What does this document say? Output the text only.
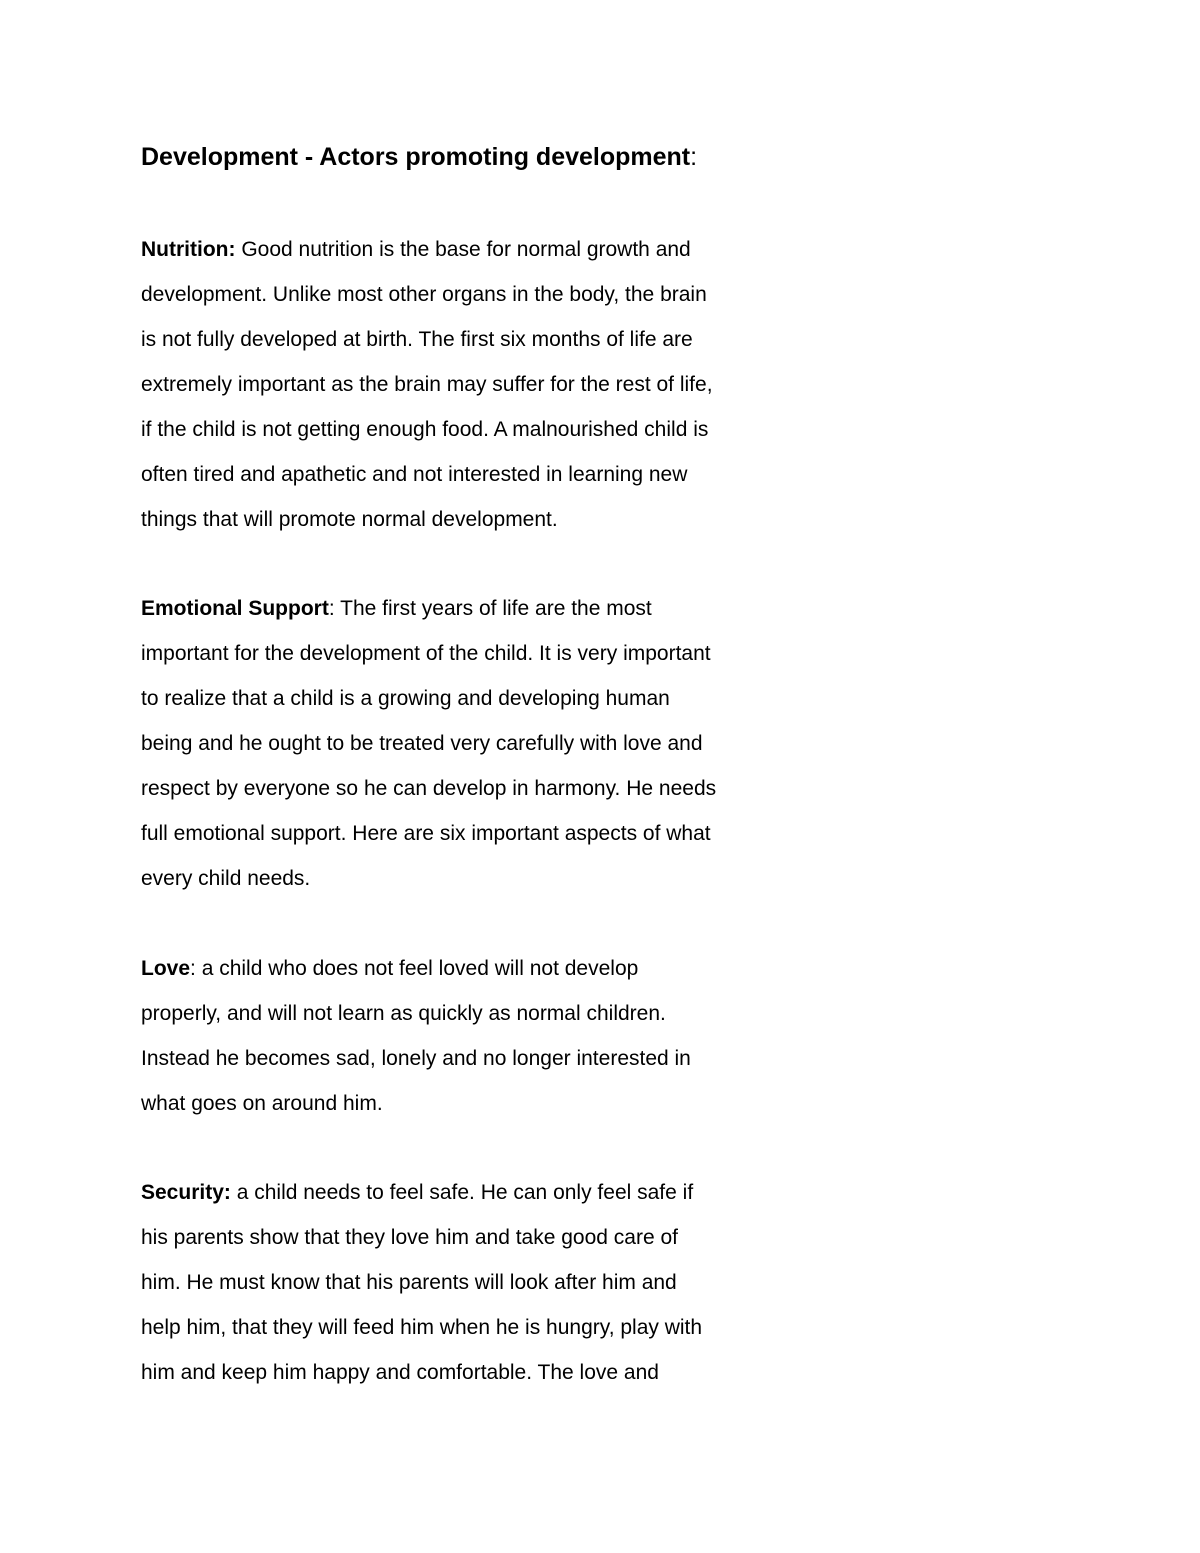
Development - Actors promoting development:

Nutrition: Good nutrition is the base for normal growth and
development. Unlike most other organs in the body, the brain
is not fully developed at birth. The first six months of life are
extremely important as the brain may suffer for the rest of life,
if the child is not getting enough food. A malnourished child is
often tired and apathetic and not interested in learning new
things that will promote normal development.

Emotional Support: The first years of life are the most
important for the development of the child. It is very important
to realize that a child is a growing and developing human
being and he ought to be treated very carefully with love and
respect by everyone so he can develop in harmony. He needs
full emotional support. Here are six important aspects of what
every child needs.

Love: a child who does not feel loved will not develop
properly, and will not learn as quickly as normal children.
Instead he becomes sad, lonely and no longer interested in
what goes on around him.

Security: a child needs to feel safe. He can only feel safe if
his parents show that they love him and take good care of
him. He must know that his parents will look after him and
help him, that they will feed him when he is hungry, play with
him and keep him happy and comfortable. The love and
